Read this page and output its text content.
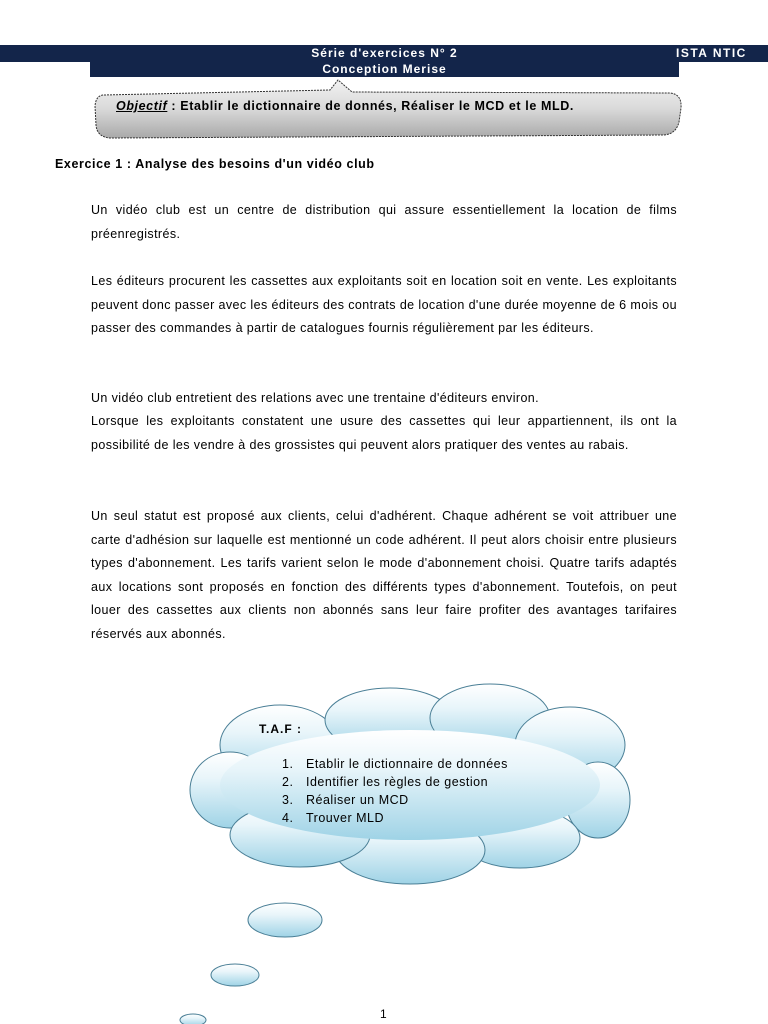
Série d'exercices N° 2
Conception Merise
ISTA NTIC
Objectif : Etablir le dictionnaire de donnés, Réaliser le MCD et le MLD.
Exercice 1 : Analyse des besoins d'un vidéo club

Un vidéo club est un centre de distribution qui assure essentiellement la location de films préenregistrés.

Les éditeurs procurent les cassettes aux exploitants soit en location soit en vente. Les exploitants peuvent donc passer avec les éditeurs des contrats de location d'une durée moyenne de 6 mois ou passer des commandes à partir de catalogues fournis régulièrement par les éditeurs.

Un vidéo club entretient des relations avec une trentaine d'éditeurs environ.

Lorsque les exploitants constatent une usure des cassettes qui leur appartiennent, ils ont la possibilité de les vendre à des grossistes qui peuvent alors pratiquer des ventes au rabais.

Un seul statut est proposé aux clients, celui d'adhérent. Chaque adhérent se voit attribuer une carte d'adhésion sur laquelle est mentionné un code adhérent. Il peut alors choisir entre plusieurs types d'abonnement. Les tarifs varient selon le mode d'abonnement choisi. Quatre tarifs adaptés aux locations sont proposés en fonction des différents types d'abonnement. Toutefois, on peut louer des cassettes aux clients non abonnés sans leur faire profiter des avantages tarifaires réservés aux abonnés.

T.A.F :
1. Etablir le dictionnaire de données
2. Identifier les règles de gestion
3. Réaliser un MCD
4. Trouver MLD
1
